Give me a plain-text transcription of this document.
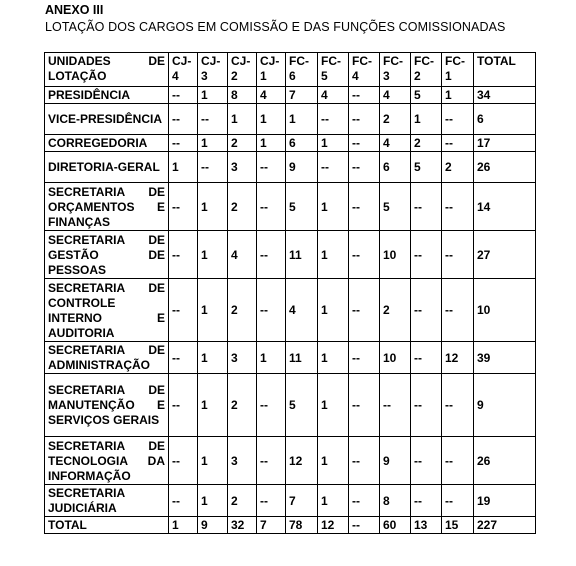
ANEXO III
LOTAÇÃO DOS CARGOS EM COMISSÃO E DAS FUNÇÕES COMISSIONADAS
UNIDADES DE LOTAÇÃO	CJ-4	CJ-3	CJ-2	CJ-1	FC-6	FC-5	FC-4	FC-3	FC-2	FC-1	TOTAL
PRESIDÊNCIA	--	1	8	4	7	4	--	4	5	1	34
VICE-PRESIDÊNCIA	--	--	1	1	1	--	--	2	1	--	6
CORREGEDORIA	--	1	2	1	6	1	--	4	2	--	17
DIRETORIA-GERAL	1	--	3	--	9	--	--	6	5	2	26
SECRETARIA DE ORÇAMENTOS E FINANÇAS	--	1	2	--	5	1	--	5	--	--	14
SECRETARIA DE GESTÃO DE PESSOAS	--	1	4	--	11	1	--	10	--	--	27
SECRETARIA DE CONTROLE INTERNO E AUDITORIA	--	1	2	--	4	1	--	2	--	--	10
SECRETARIA DE ADMINISTRAÇÃO	--	1	3	1	11	1	--	10	--	12	39
SECRETARIA DE MANUTENÇÃO E SERVIÇOS GERAIS	--	1	2	--	5	1	--	--	--	--	9
SECRETARIA DE TECNOLOGIA DA INFORMAÇÃO	--	1	3	--	12	1	--	9	--	--	26
SECRETARIA JUDICIÁRIA	--	1	2	--	7	1	--	8	--	--	19
TOTAL	1	9	32	7	78	12	--	60	13	15	227
